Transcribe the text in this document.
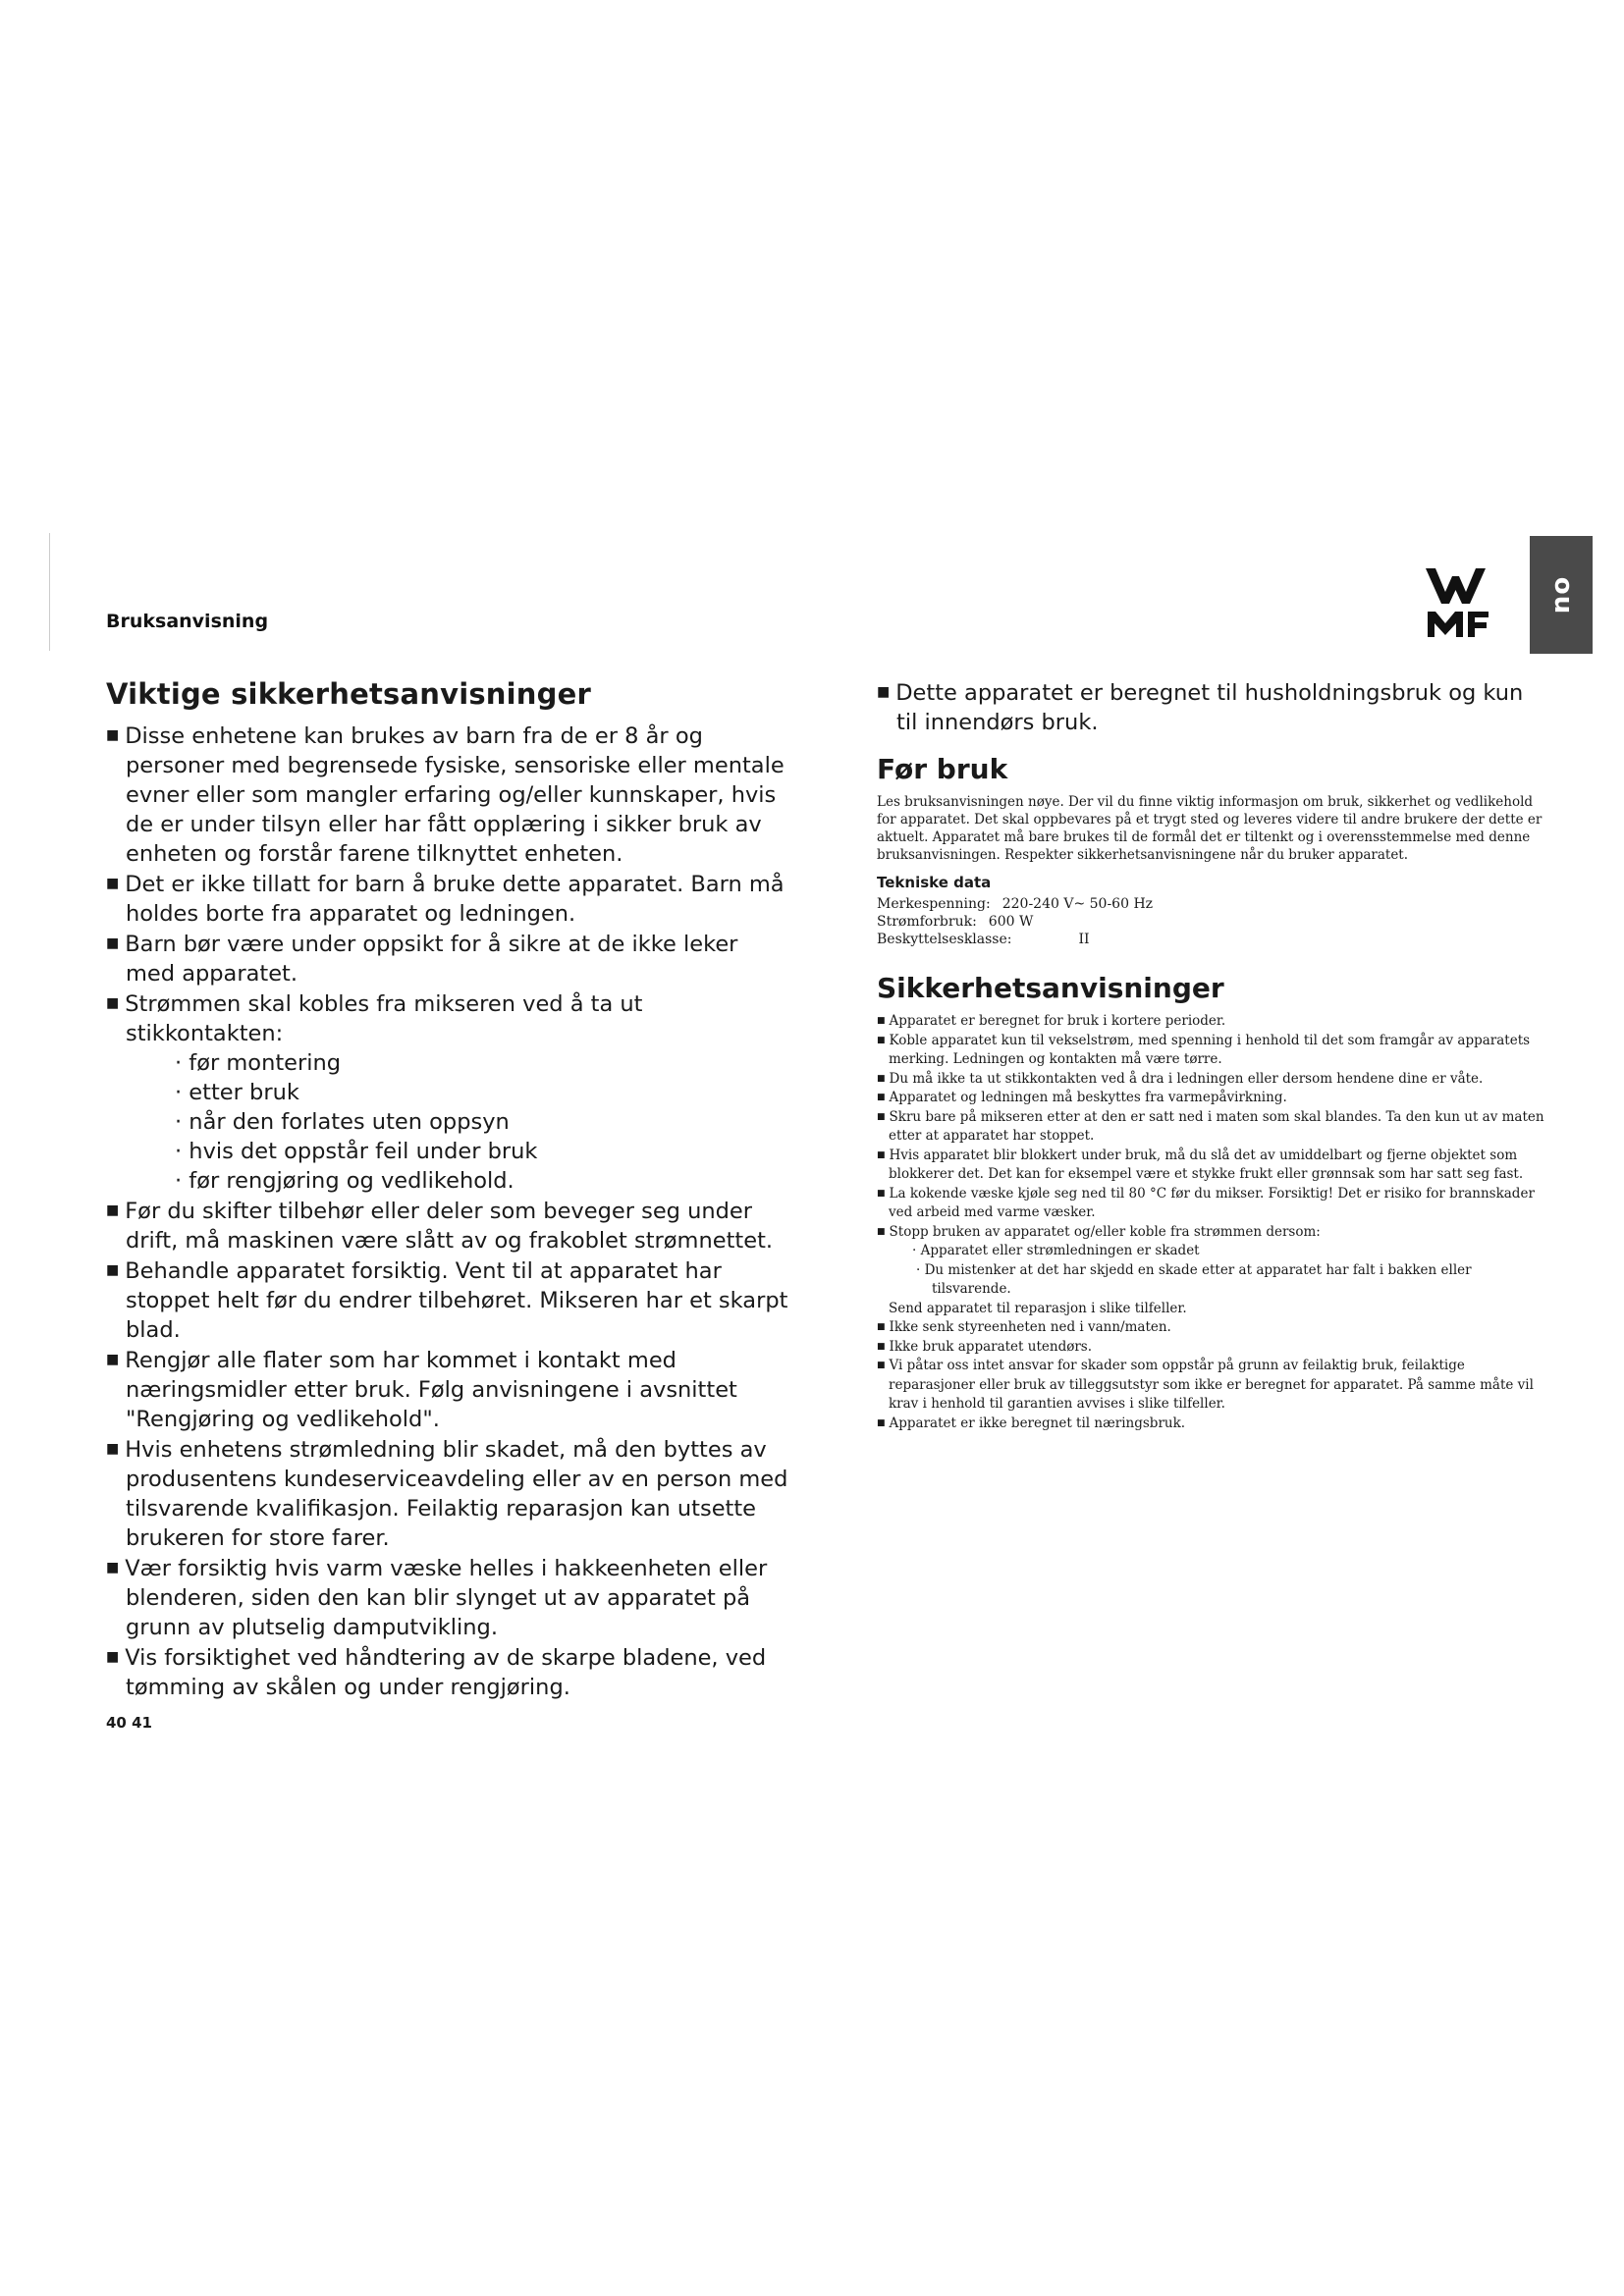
Bruksanvisning
no
Viktige sikkerhetsanvisninger
■ Disse enhetene kan brukes av barn fra de er 8 år og personer med begrensede fysiske, sensoriske eller mentale evner eller som mangler erfaring og/eller kunnskaper, hvis de er under tilsyn eller har fått opplæring i sikker bruk av enheten og forstår farene tilknyttet enheten.
■ Det er ikke tillatt for barn å bruke dette apparatet. Barn må holdes borte fra apparatet og ledningen.
■ Barn bør være under oppsikt for å sikre at de ikke leker med apparatet.
■ Strømmen skal kobles fra mikseren ved å ta ut stikkontakten:
· før montering
· etter bruk
· når den forlates uten oppsyn
· hvis det oppstår feil under bruk
· før rengjøring og vedlikehold.
■ Før du skifter tilbehør eller deler som beveger seg under drift, må maskinen være slått av og frakoblet strømnettet.
■ Behandle apparatet forsiktig. Vent til at apparatet har stoppet helt før du endrer tilbehøret. Mikseren har et skarpt blad.
■ Rengjør alle flater som har kommet i kontakt med næringsmidler etter bruk. Følg anvisningene i avsnittet "Rengjøring og vedlikehold".
■ Hvis enhetens strømledning blir skadet, må den byttes av produsentens kundeserviceavdeling eller av en person med tilsvarende kvalifikasjon. Feilaktig reparasjon kan utsette brukeren for store farer.
■ Vær forsiktig hvis varm væske helles i hakkeenheten eller blenderen, siden den kan blir slynget ut av apparatet på grunn av plutselig damputvikling.
■ Vis forsiktighet ved håndtering av de skarpe bladene, ved tømming av skålen og under rengjøring.
■ Dette apparatet er beregnet til husholdningsbruk og kun til innendørs bruk.
Før bruk

Les bruksanvisningen nøye. Der vil du finne viktig informasjon om bruk, sikkerhet og vedlikehold for apparatet. Det skal oppbevares på et trygt sted og leveres videre til andre brukere der dette er aktuelt. Apparatet må bare brukes til de formål det er tiltenkt og i overensstemmelse med denne bruksanvisningen. Respekter sikkerhetsanvisningene når du bruker apparatet.

Tekniske data
Merkespenning: 220-240 V~ 50-60 Hz
Strømforbruk: 600 W
Beskyttelsesklasse:	II
Sikkerhetsanvisninger
■ Apparatet er beregnet for bruk i kortere perioder.
■ Koble apparatet kun til vekselstrøm, med spenning i henhold til det som framgår av apparatets merking. Ledningen og kontakten må være tørre.
■ Du må ikke ta ut stikkontakten ved å dra i ledningen eller dersom hendene dine er våte.
■ Apparatet og ledningen må beskyttes fra varmepåvirkning.
■ Skru bare på mikseren etter at den er satt ned i maten som skal blandes. Ta den kun ut av maten etter at apparatet har stoppet.
■ Hvis apparatet blir blokkert under bruk, må du slå det av umiddelbart og fjerne objektet som blokkerer det. Det kan for eksempel være et stykke frukt eller grønnsak som har satt seg fast.
■ La kokende væske kjøle seg ned til 80 °C før du mikser. Forsiktig! Det er risiko for brannskader ved arbeid med varme væsker.
■ Stopp bruken av apparatet og/eller koble fra strømmen dersom:
· Apparatet eller strømledningen er skadet
· Du mistenker at det har skjedd en skade etter at apparatet har falt i bakken eller tilsvarende.
Send apparatet til reparasjon i slike tilfeller.
■ Ikke senk styreenheten ned i vann/maten.
■ Ikke bruk apparatet utendørs.
■ Vi påtar oss intet ansvar for skader som oppstår på grunn av feilaktig bruk, feilaktige reparasjoner eller bruk av tilleggsutstyr som ikke er beregnet for apparatet. På samme måte vil krav i henhold til garantien avvises i slike tilfeller.
■ Apparatet er ikke beregnet til næringsbruk.
40 41
